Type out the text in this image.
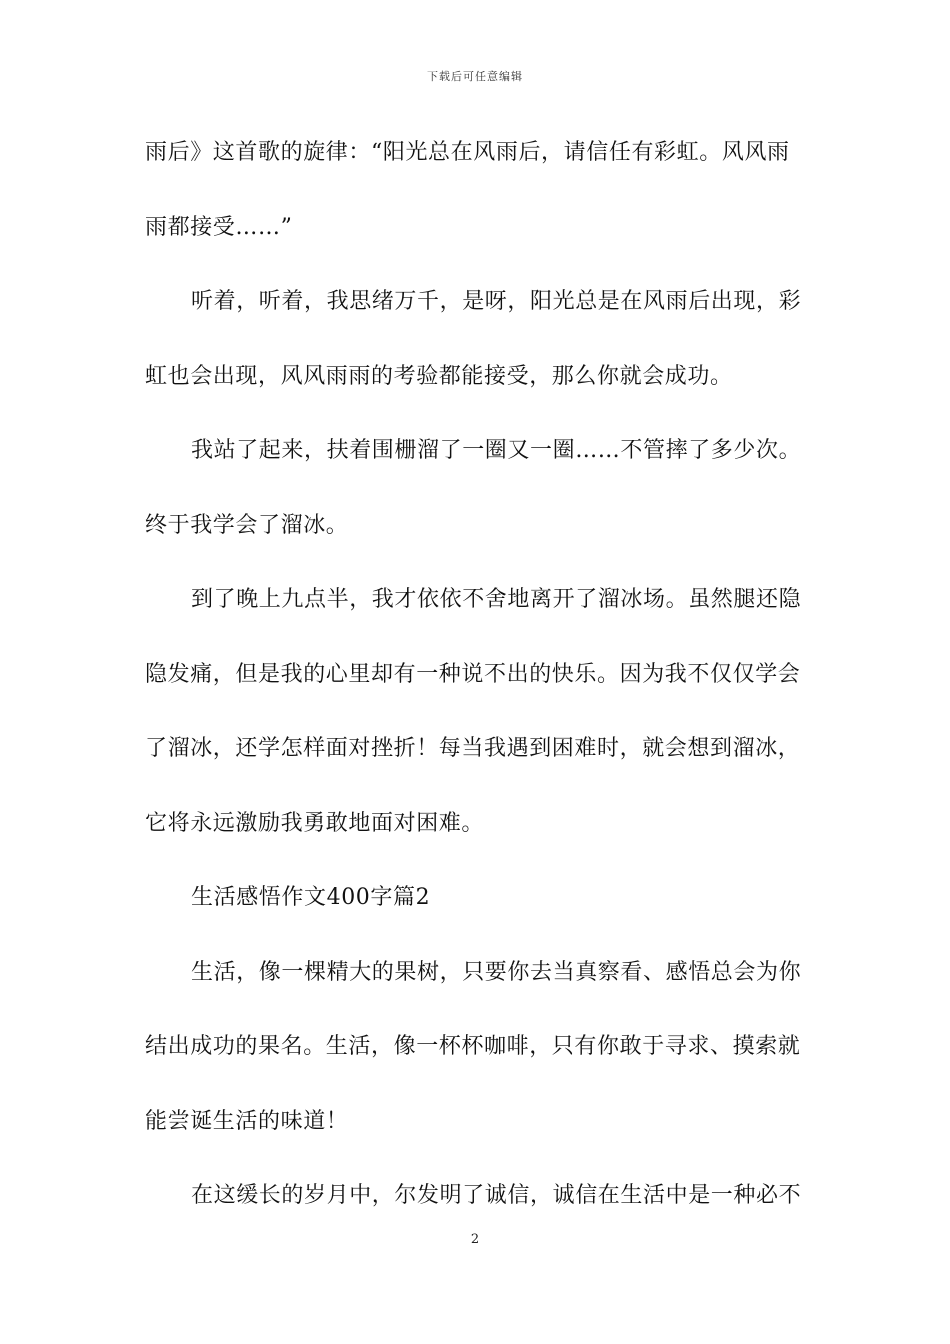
下载后可任意编辑
雨后》这首歌的旋律：“阳光总在风雨后，请信任有彩虹。风风雨
雨都接受……”
听着，听着，我思绪万千，是呀，阳光总是在风雨后出现，彩
虹也会出现，风风雨雨的考验都能接受，那么你就会成功。
我站了起来，扶着围栅溜了一圈又一圈……不管摔了多少次。
终于我学会了溜冰。
到了晚上九点半，我才依依不舍地离开了溜冰场。虽然腿还隐
隐发痛，但是我的心里却有一种说不出的快乐。因为我不仅仅学会
了溜冰，还学怎样面对挫折！每当我遇到困难时，就会想到溜冰，
它将永远激励我勇敢地面对困难。
生活感悟作文400字篇2
生活，像一棵精大的果树，只要你去当真察看、感悟总会为你
结出成功的果名。生活，像一杯杯咖啡，只有你敢于寻求、摸索就
能尝诞生活的味道！
在这缓长的岁月中，尔发明了诚信，诚信在生活中是一种必不
2
